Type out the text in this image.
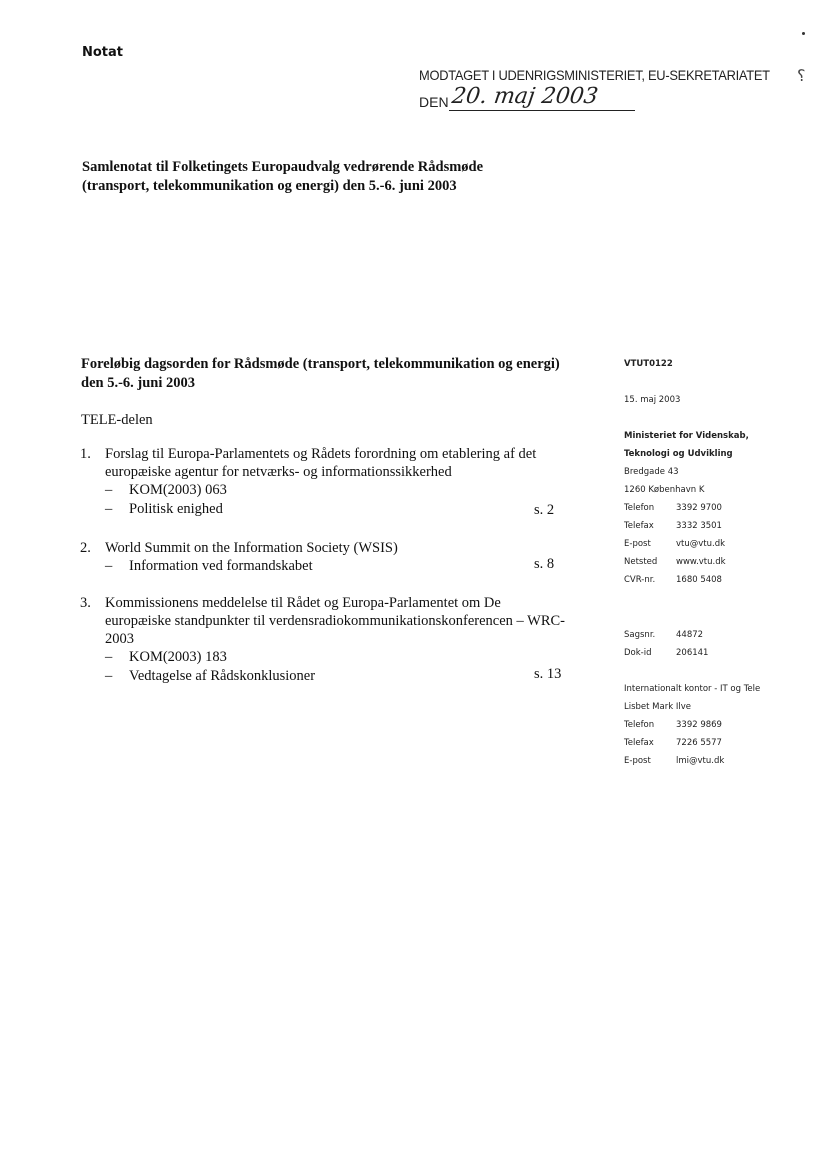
Notat
MODTAGET I UDENRIGSMINISTERIET, EU-SEKRETARIATET
DEN 20. maj 2003
⸮
Samlenotat til Folketingets Europaudvalg vedrørende Rådsmøde (transport, telekommunikation og energi) den 5.-6. juni 2003
Foreløbig dagsorden for Rådsmøde (transport, telekommunikation og energi) den 5.-6. juni 2003
TELE-delen
1. Forslag til Europa-Parlamentets og Rådets forordning om etablering af det europæiske agentur for netværks- og informationssikkerhed
– KOM(2003) 063
– Politisk enighed	s. 2
2. World Summit on the Information Society (WSIS)
– Information ved formandskabet	s. 8
3. Kommissionens meddelelse til Rådet og Europa-Parlamentet om De europæiske standpunkter til verdensradiokommunikationskonferencen – WRC-2003
– KOM(2003) 183
– Vedtagelse af Rådskonklusioner	s. 13
VTUT0122
15. maj 2003
Ministeriet for Videnskab,
Teknologi og Udvikling
Bredgade 43
1260 København K
Telefon	3392 9700
Telefax	3332 3501
E-post	vtu@vtu.dk
Netsted www.vtu.dk
CVR-nr. 1680 5408
Sagsnr. 44872
Dok-id	206141
Internationalt kontor - IT og Tele
Lisbet Mark Ilve
Telefon	3392 9869
Telefax	7226 5577
E-post	lmi@vtu.dk
